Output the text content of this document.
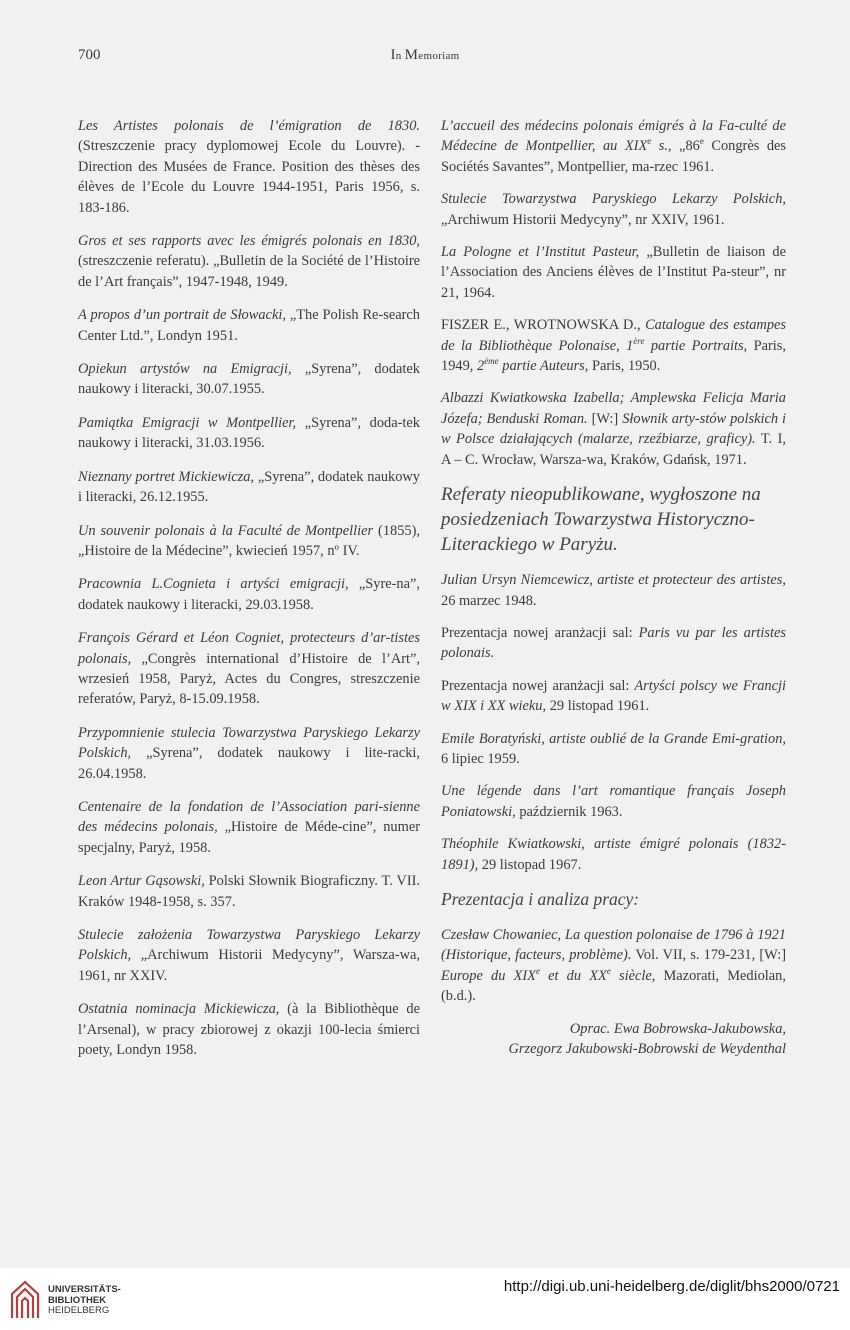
700	In Memoriam
Les Artistes polonais de l’émigration de 1830. (Streszczenie pracy dyplomowej Ecole du Louvre). - Direction des Musées de France. Position des thèses des élèves de l’Ecole du Louvre 1944-1951, Paris 1956, s. 183-186.
Gros et ses rapports avec les émigrés polonais en 1830, (streszczenie referatu). „Bulletin de la Société de l’Histoire de l’Art français”, 1947-1948, 1949.
A propos d’un portrait de Słowacki, „The Polish Re-search Center Ltd.”, Londyn 1951.
Opiekun artystów na Emigracji, „Syrena”, dodatek naukowy i literacki, 30.07.1955.
Pamiątka Emigracji w Montpellier, „Syrena”, doda-tek naukowy i literacki, 31.03.1956.
Nieznany portret Mickiewicza, „Syrena”, dodatek naukowy i literacki, 26.12.1955.
Un souvenir polonais à la Faculté de Montpellier (1855), „Histoire de la Médecine”, kwiecień 1957, nº IV.
Pracownia L.Cognieta i artyści emigracji, „Syre-na”, dodatek naukowy i literacki, 29.03.1958.
François Gérard et Léon Cogniet, protecteurs d’ar-tistes polonais, „Congrès international d’Histoire de l’Art”, wrzesień 1958, Paryż, Actes du Congres, streszczenie referatów, Paryż, 8-15.09.1958.
Przypomnienie stulecia Towarzystwa Paryskiego Lekarzy Polskich, „Syrena”, dodatek naukowy i lite-racki, 26.04.1958.
Centenaire de la fondation de l’Association pari-sienne des médecins polonais, „Histoire de Méde-cine”, numer specjalny, Paryż, 1958.
Leon Artur Gąsowski, Polski Słownik Biograficzny. T. VII. Kraków 1948-1958, s. 357.
Stulecie założenia Towarzystwa Paryskiego Lekarzy Polskich, „Archiwum Historii Medycyny”, Warsza-wa, 1961, nr XXIV.
Ostatnia nominacja Mickiewicza, (à la Bibliothèque de l’Arsenal), w pracy zbiorowej z okazji 100-lecia śmierci poety, Londyn 1958.
L’accueil des médecins polonais émigrés à la Fa-culté de Médecine de Montpellier, au XIXe s., „86e Congrès des Sociétés Savantes”, Montpellier, ma-rzec 1961.
Stulecie Towarzystwa Paryskiego Lekarzy Polskich, „Archiwum Historii Medycyny”, nr XXIV, 1961.
La Pologne et l’Institut Pasteur, „Bulletin de liaison de l’Association des Anciens élèves de l’Institut Pa-steur”, nr 21, 1964.
FISZER E., WROTNOWSKA D., Catalogue des estampes de la Bibliothèque Polonaise, 1ère partie Portraits, Paris, 1949, 2ème partie Auteurs, Paris, 1950.
Albazzi Kwiatkowska Izabella; Amplewska Felicja Maria Józefa; Benduski Roman. [W:] Słownik arty-stów polskich i w Polsce działających (malarze, rzeźbiarze, graficy). T. I, A – C. Wrocław, Warsza-wa, Kraków, Gdańsk, 1971.
Referaty nieopublikowane, wygłoszone na posiedzeniach Towarzystwa Historyczno-Literackiego w Paryżu.
Julian Ursyn Niemcewicz, artiste et protecteur des artistes, 26 marzec 1948.
Prezentacja nowej aranżacji sal: Paris vu par les artistes polonais.
Prezentacja nowej aranżacji sal: Artyści polscy we Francji w XIX i XX wieku, 29 listopad 1961.
Emile Boratyński, artiste oublié de la Grande Emi-gration, 6 lipiec 1959.
Une légende dans l’art romantique français Joseph Poniatowski, październik 1963.
Théophile Kwiatkowski, artiste émigré polonais (1832-1891), 29 listopad 1967.
Prezentacja i analiza pracy:
Czesław Chowaniec, La question polonaise de 1796 à 1921 (Historique, facteurs, problème). Vol. VII, s. 179-231, [W:] Europe du XIXe et du XXe siècle, Mazorati, Mediolan, (b.d.).
Oprac. Ewa Bobrowska-Jakubowska,
Grzegorz Jakubowski-Bobrowski de Weydenthal
UNIVERSITÄTS-
BIBLIOTHEK
HEIDELBERG
http://digi.ub.uni-heidelberg.de/diglit/bhs2000/0721
